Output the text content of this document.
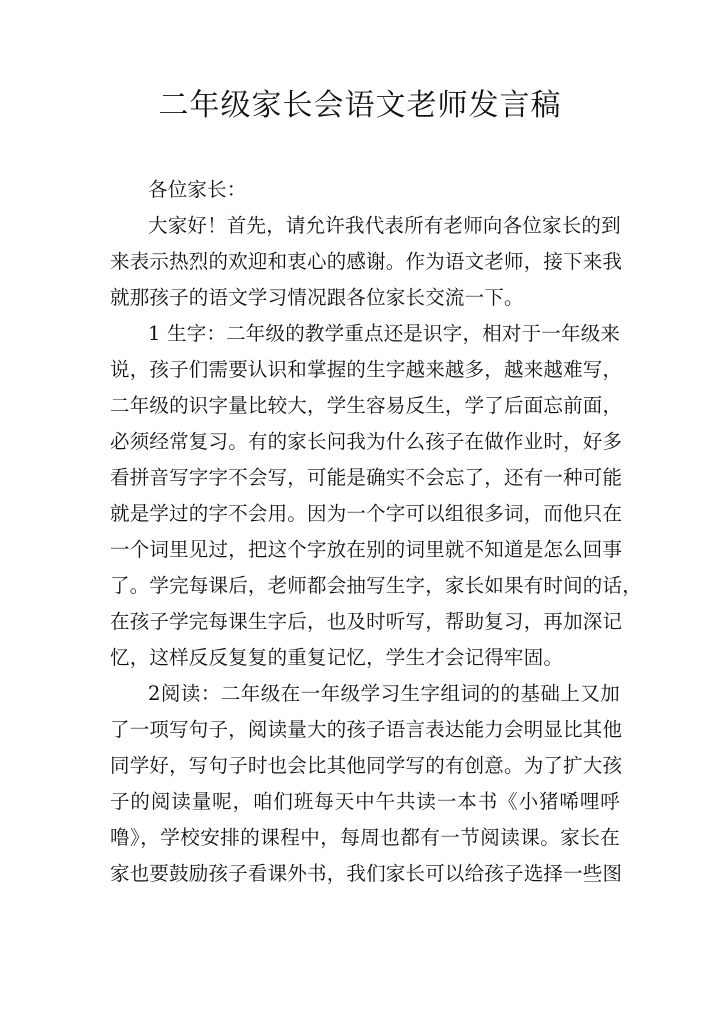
二年级家长会语文老师发言稿
各位家长：
大家好！首先，请允许我代表所有老师向各位家长的到
来表示热烈的欢迎和衷心的感谢。作为语文老师，接下来我
就那孩子的语文学习情况跟各位家长交流一下。
1 生字：二年级的教学重点还是识字，相对于一年级来
说，孩子们需要认识和掌握的生字越来越多，越来越难写，
二年级的识字量比较大，学生容易反生，学了后面忘前面，
必须经常复习。有的家长问我为什么孩子在做作业时，好多
看拼音写字字不会写，可能是确实不会忘了，还有一种可能
就是学过的字不会用。因为一个字可以组很多词，而他只在
一个词里见过，把这个字放在别的词里就不知道是怎么回事
了。学完每课后，老师都会抽写生字，家长如果有时间的话，
在孩子学完每课生字后，也及时听写，帮助复习，再加深记
忆，这样反反复复的重复记忆，学生才会记得牢固。
2阅读：二年级在一年级学习生字组词的的基础上又加
了一项写句子，阅读量大的孩子语言表达能力会明显比其他
同学好，写句子时也会比其他同学写的有创意。为了扩大孩
子的阅读量呢，咱们班每天中午共读一本书《小猪唏哩呼
噜》，学校安排的课程中，每周也都有一节阅读课。家长在
家也要鼓励孩子看课外书，我们家长可以给孩子选择一些图
